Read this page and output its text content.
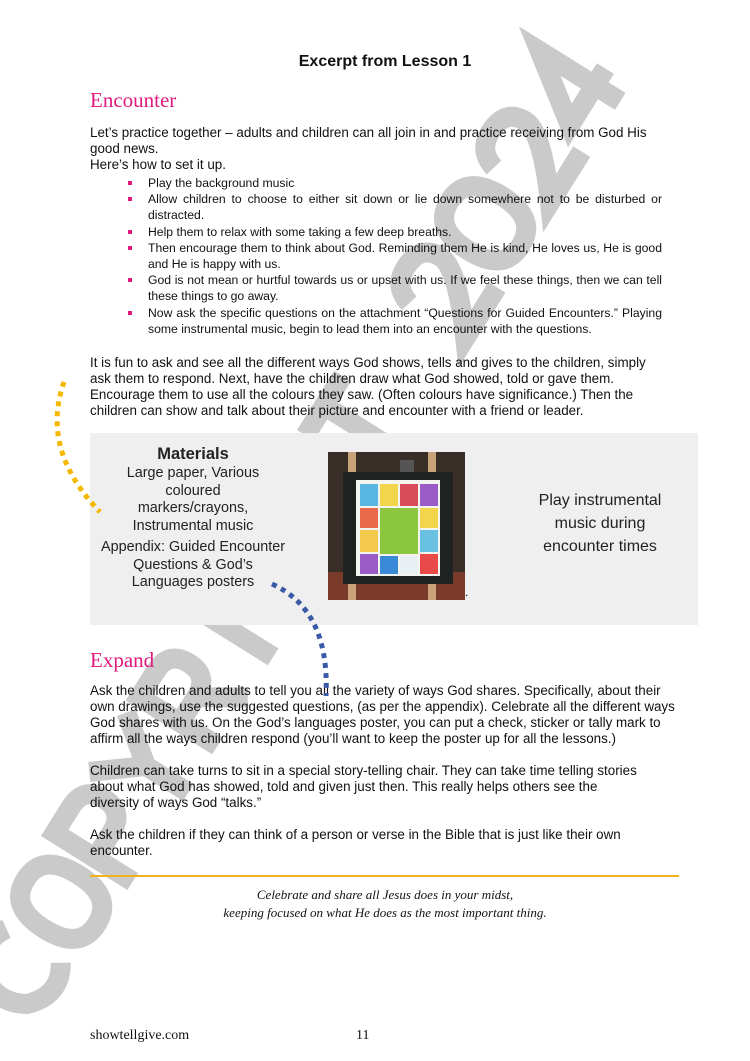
Excerpt from Lesson 1
Encounter
Let’s practice together – adults and children can all join in and practice receiving from God His good news.
Here’s how to set it up.
Play the background music
Allow children to choose to either sit down or lie down somewhere not to be disturbed or distracted.
Help them to relax with some taking a few deep breaths.
Then encourage them to think about God. Reminding them He is kind, He loves us, He is good and He is happy with us.
God is not mean or hurtful towards us or upset with us. If we feel these things, then we can tell these things to go away.
Now ask the specific questions on the attachment “Questions for Guided Encounters.” Playing some instrumental music, begin to lead them into an encounter with the questions.
It is fun to ask and see all the different ways God shows, tells and gives to the children, simply ask them to respond. Next, have the children draw what God showed, told or gave them. Encourage them to use all the colours they saw. (Often colours have significance.) Then the children can show and talk about their picture and encounter with a friend or leader.
Materials
Large paper, Various coloured markers/crayons, Instrumental music
Appendix: Guided Encounter Questions & God’s Languages posters
.
Play instrumental music during encounter times
Expand
Ask the children and adults to tell you all the variety of ways God shares. Specifically, about their own drawings, use the suggested questions, (as per the appendix). Celebrate all the different ways God shares with us. On the God’s languages poster, you can put a check, sticker or tally mark to affirm all the ways children respond (you’ll want to keep the poster up for all the lessons.)
Children can take turns to sit in a special story-telling chair. They can take time telling stories about what God has showed, told and given just then. This really helps others see the diversity of ways God “talks.”
Ask the children if they can think of a person or verse in the Bible that is just like their own encounter.
Celebrate and share all Jesus does in your midst,
keeping focused on what He does as the most important thing.
showtellgive.com	11
